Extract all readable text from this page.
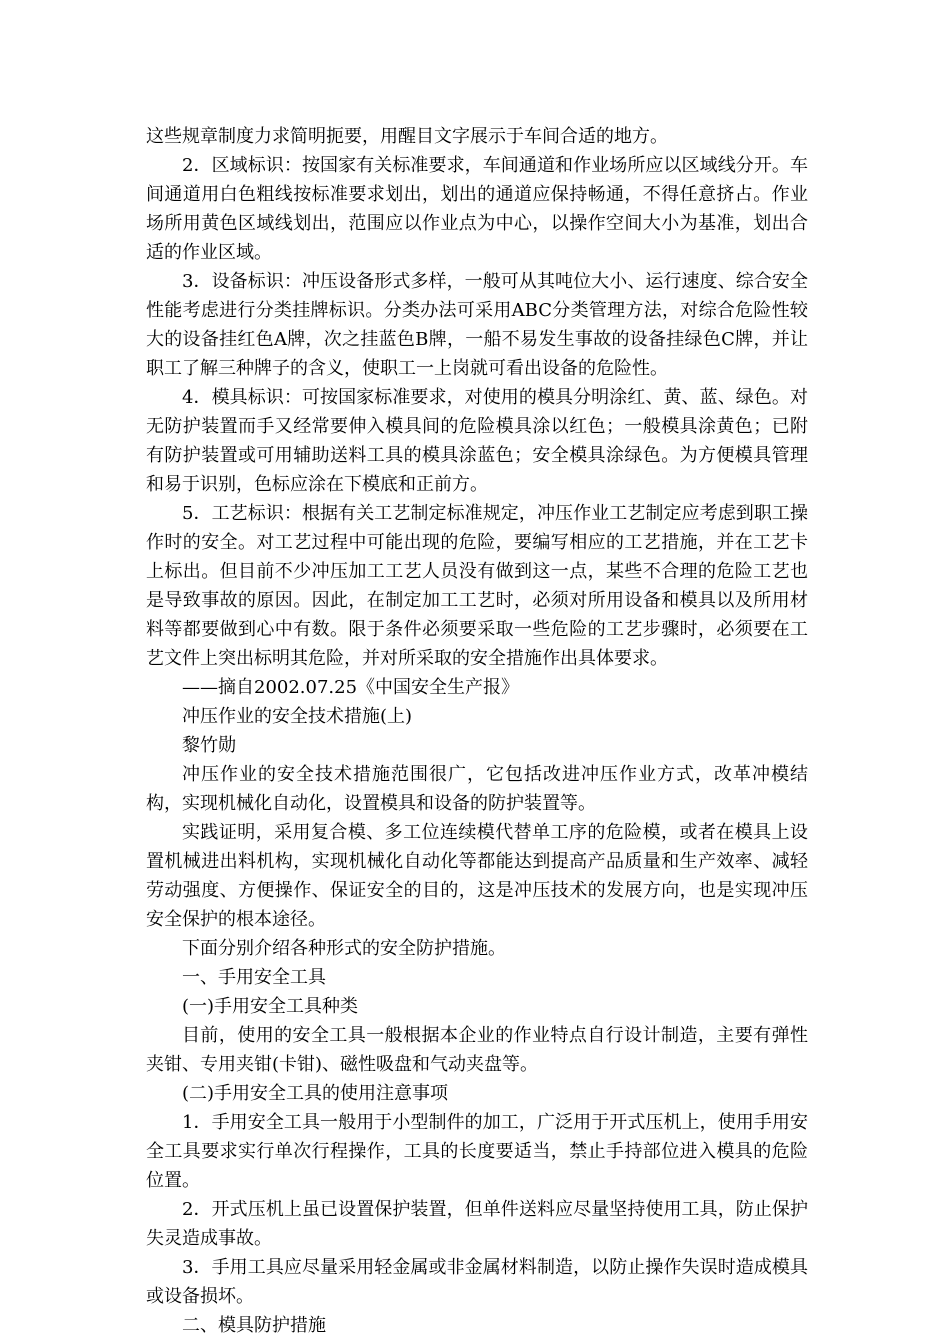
这些规章制度力求简明扼要，用醒目文字展示于车间合适的地方。

2．区域标识：按国家有关标准要求，车间通道和作业场所应以区域线分开。车间通道用白色粗线按标准要求划出，划出的通道应保持畅通，不得任意挤占。作业场所用黄色区域线划出，范围应以作业点为中心，以操作空间大小为基准，划出合适的作业区域。

3．设备标识：冲压设备形式多样，一般可从其吨位大小、运行速度、综合安全性能考虑进行分类挂牌标识。分类办法可采用ABC分类管理方法，对综合危险性较大的设备挂红色A牌，次之挂蓝色B牌，一船不易发生事故的设备挂绿色C牌，并让职工了解三种牌子的含义，使职工一上岗就可看出设备的危险性。

4．模具标识：可按国家标准要求，对使用的模具分明涂红、黄、蓝、绿色。对无防护装置而手又经常要伸入模具间的危险模具涂以红色；一般模具涂黄色；已附有防护装置或可用辅助送料工具的模具涂蓝色；安全模具涂绿色。为方便模具管理和易于识别，色标应涂在下模底和正前方。

5．工艺标识：根据有关工艺制定标准规定，冲压作业工艺制定应考虑到职工操作时的安全。对工艺过程中可能出现的危险，要编写相应的工艺措施，并在工艺卡上标出。但目前不少冲压加工工艺人员没有做到这一点，某些不合理的危险工艺也是导致事故的原因。因此，在制定加工工艺时，必须对所用设备和模具以及所用材料等都要做到心中有数。限于条件必须要采取一些危险的工艺步骤时，必须要在工艺文件上突出标明其危险，并对所采取的安全措施作出具体要求。

——摘自2002.07.25《中国安全生产报》

冲压作业的安全技术措施(上)

黎竹勋

冲压作业的安全技术措施范围很广，它包括改进冲压作业方式，改革冲模结构，实现机械化自动化，设置模具和设备的防护装置等。

实践证明，采用复合模、多工位连续模代替单工序的危险模，或者在模具上设置机械进出料机构，实现机械化自动化等都能达到提高产品质量和生产效率、减轻劳动强度、方便操作、保证安全的目的，这是冲压技术的发展方向，也是实现冲压安全保护的根本途径。

下面分别介绍各种形式的安全防护措施。

一、手用安全工具

(一)手用安全工具种类

目前，使用的安全工具一般根据本企业的作业特点自行设计制造，主要有弹性夹钳、专用夹钳(卡钳)、磁性吸盘和气动夹盘等。

(二)手用安全工具的使用注意事项

1．手用安全工具一般用于小型制件的加工，广泛用于开式压机上，使用手用安全工具要求实行单次行程操作，工具的长度要适当，禁止手持部位进入模具的危险位置。

2．开式压机上虽已设置保护装置，但单件送料应尽量坚持使用工具，防止保护失灵造成事故。

3．手用工具应尽量采用轻金属或非金属材料制造，以防止操作失误时造成模具或设备损坏。

二、模具防护措施
